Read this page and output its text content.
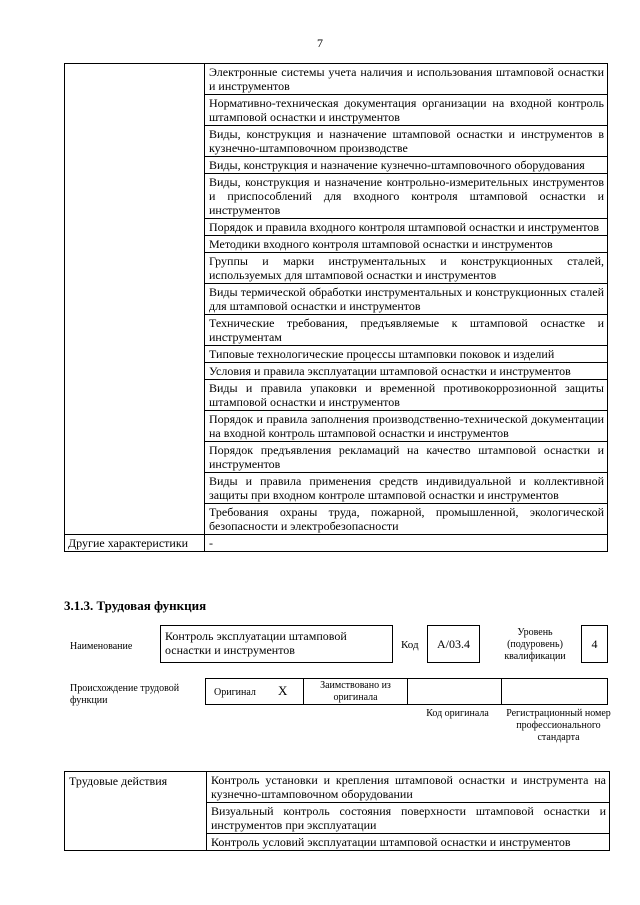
7
	Электронные системы учета наличия и использования штамповой оснастки и инструментов
	Нормативно-техническая документация организации на входной контроль штамповой оснастки и инструментов
	Виды, конструкция и назначение штамповой оснастки и инструментов в кузнечно-штамповочном производстве
	Виды, конструкция и назначение кузнечно-штамповочного оборудования
	Виды, конструкция и назначение контрольно-измерительных инструментов и приспособлений для входного контроля штамповой оснастки и инструментов
	Порядок и правила входного контроля штамповой оснастки и инструментов
	Методики входного контроля штамповой оснастки и инструментов
	Группы и марки инструментальных и конструкционных сталей, используемых для штамповой оснастки и инструментов
	Виды термической обработки инструментальных и конструкционных сталей для штамповой оснастки и инструментов
	Технические требования, предъявляемые к штамповой оснастке и инструментам
	Типовые технологические процессы штамповки поковок и изделий
	Условия и правила эксплуатации штамповой оснастки и инструментов
	Виды и правила упаковки и временной противокоррозионной защиты штамповой оснастки и инструментов
	Порядок и правила заполнения производственно-технической документации на входной контроль штамповой оснастки и инструментов
	Порядок предъявления рекламаций на качество штамповой оснастки и инструментов
	Виды и правила применения средств индивидуальной и коллективной защиты при входном контроле штамповой оснастки и инструментов
	Требования охраны труда, пожарной, промышленной, экологической безопасности и электробезопасности
Другие характеристики	-
3.1.3. Трудовая функция
Наименование
Контроль эксплуатации штамповой оснастки и инструментов	Код	A/03.4
Уровень (подуровень) квалификации
4
Происхождение трудовой функции
Оригинал X	Заимствовано из оригинала
Код оригинала	Регистрационный номер профессионального стандарта
Трудовые действия	Контроль установки и крепления штамповой оснастки и инструмента на кузнечно-штамповочном оборудовании
Визуальный контроль состояния поверхности штамповой оснастки и инструментов при эксплуатации
Контроль условий эксплуатации штамповой оснастки и инструментов
